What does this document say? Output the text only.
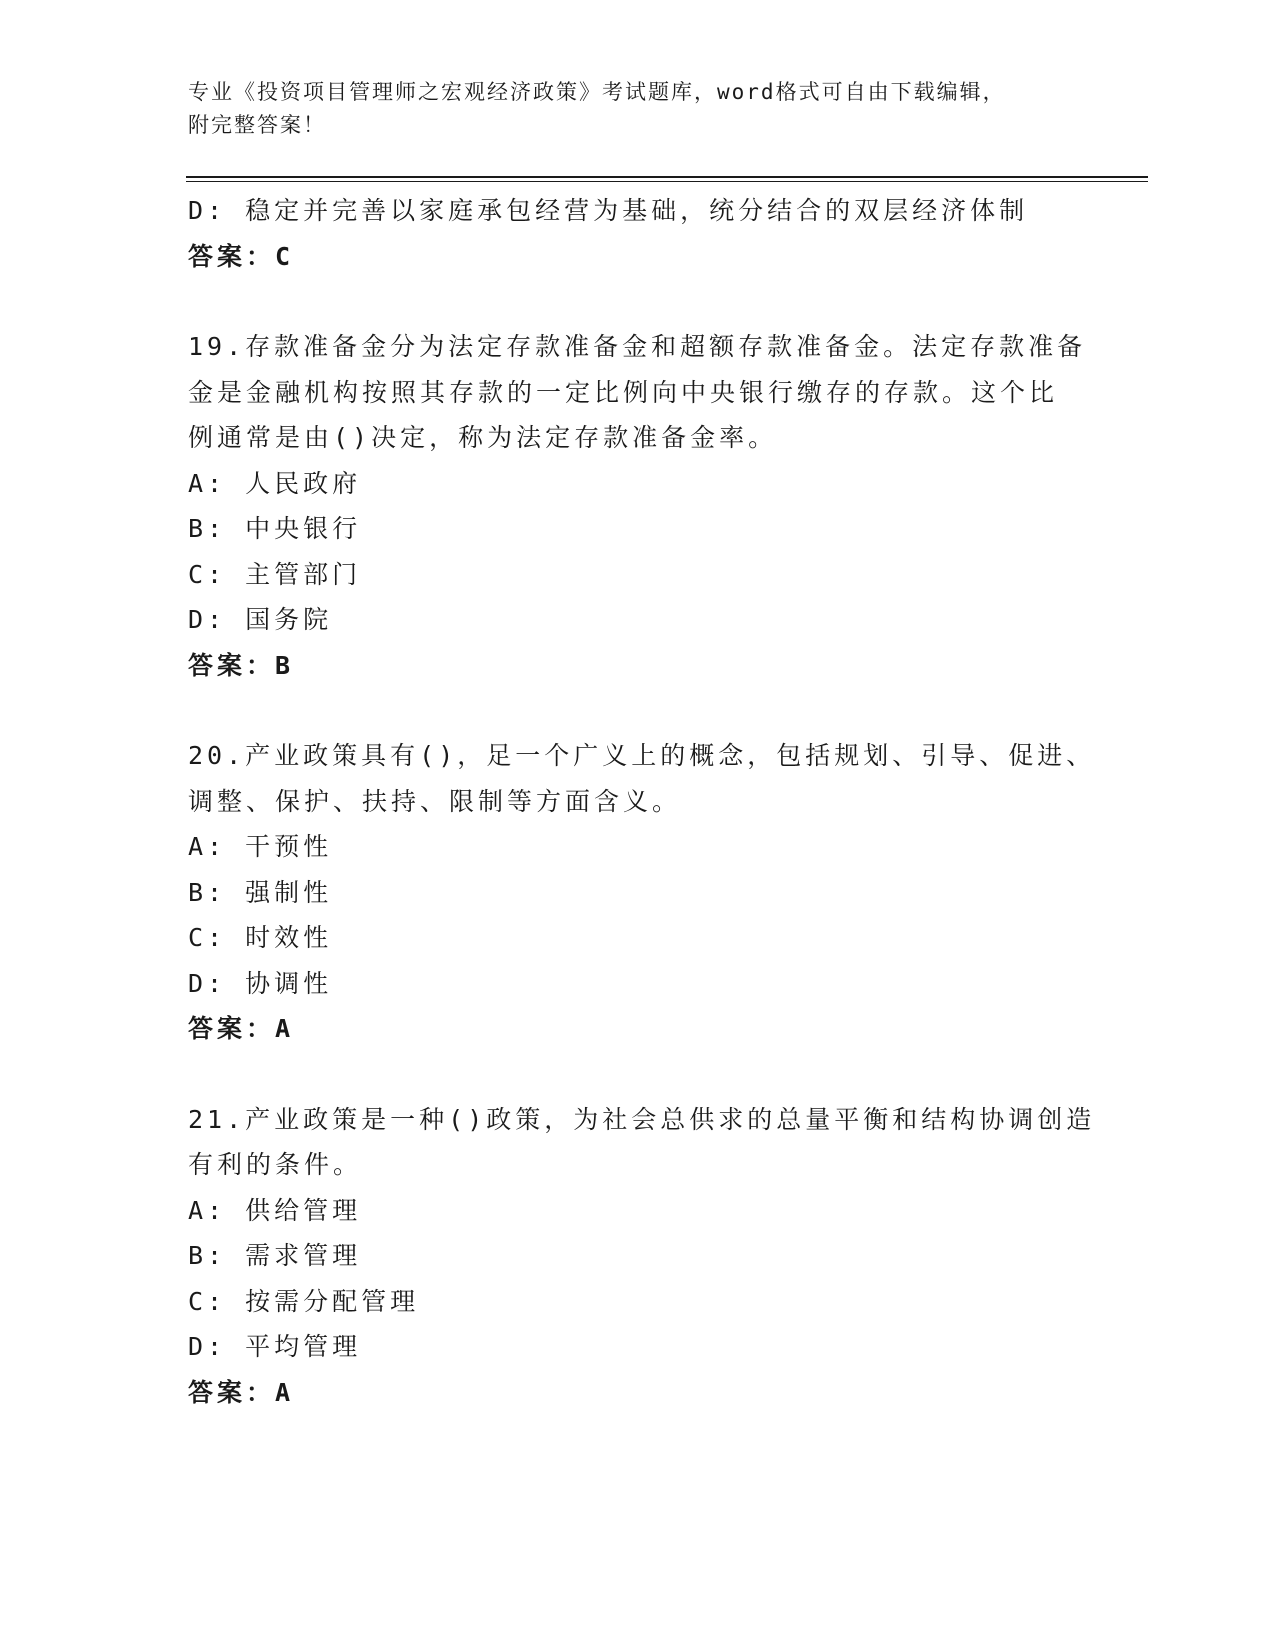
专业《投资项目管理师之宏观经济政策》考试题库，word格式可自由下载编辑，
附完整答案！
D: 稳定并完善以家庭承包经营为基础，统分结合的双层经济体制
答案：C
19.存款准备金分为法定存款准备金和超额存款准备金。法定存款准备
金是金融机构按照其存款的一定比例向中央银行缴存的存款。这个比
例通常是由()决定，称为法定存款准备金率。
A: 人民政府
B: 中央银行
C: 主管部门
D: 国务院
答案：B
20.产业政策具有()，足一个广义上的概念，包括规划、引导、促进、
调整、保护、扶持、限制等方面含义。
A: 干预性
B: 强制性
C: 时效性
D: 协调性
答案：A
21.产业政策是一种()政策，为社会总供求的总量平衡和结构协调创造
有利的条件。
A: 供给管理
B: 需求管理
C: 按需分配管理
D: 平均管理
答案：A
